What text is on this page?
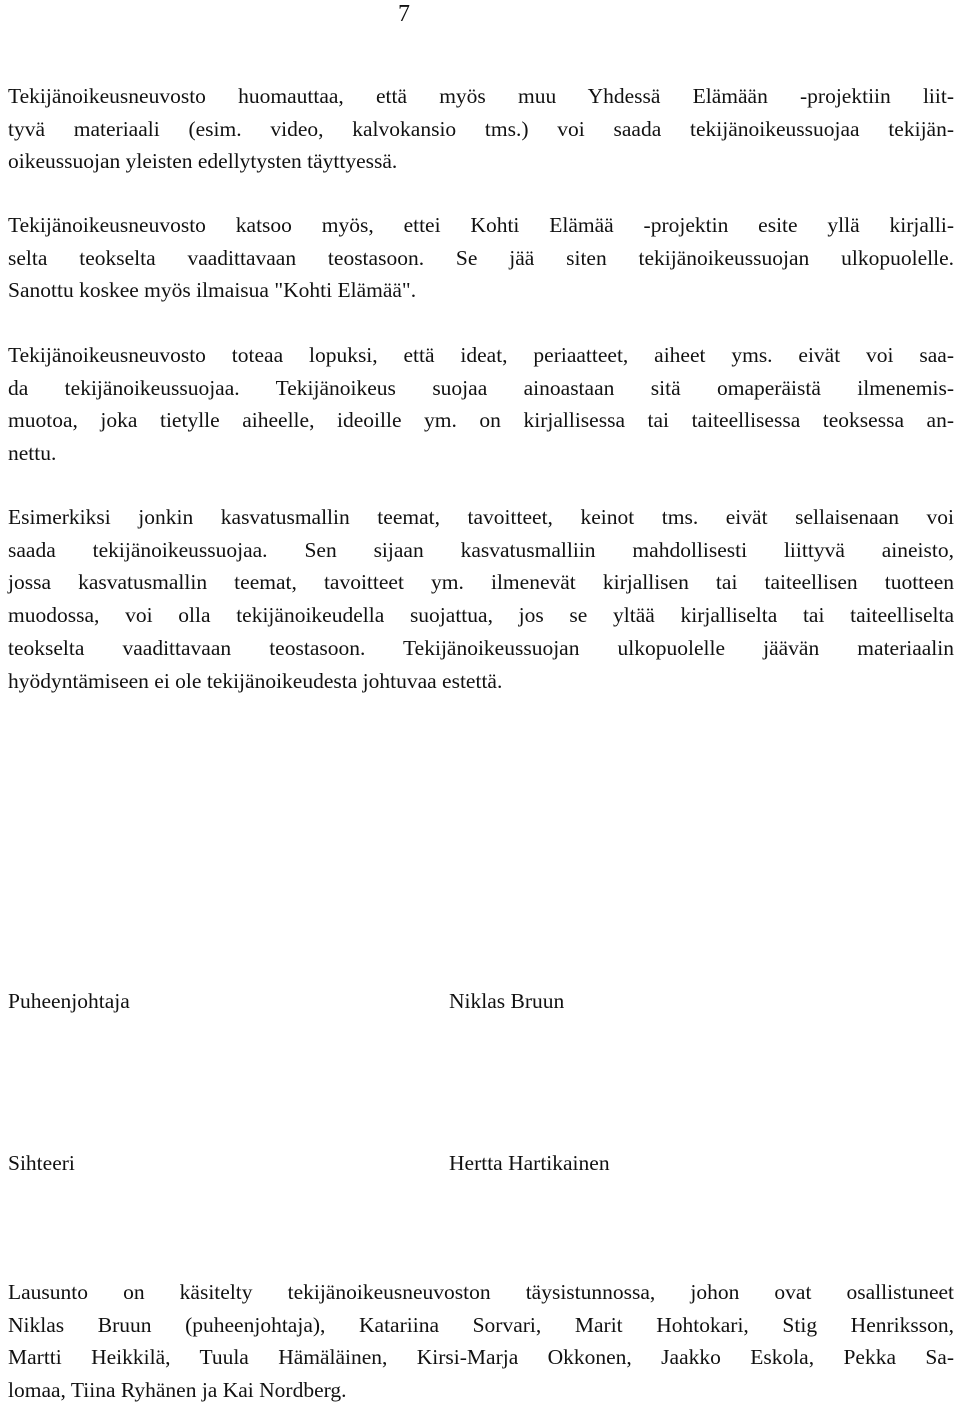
7
Tekijänoikeusneuvosto huomauttaa, että myös muu Yhdessä Elämään -projektiin liit-
tyvä materiaali (esim. video, kalvokansio tms.) voi saada tekijänoikeussuojaa tekijän-
oikeussuojan yleisten edellytysten täyttyessä.
Tekijänoikeusneuvosto katsoo myös, ettei Kohti Elämää -projektin esite yllä kirjalli-
selta teokselta vaadittavaan teostasoon. Se jää siten tekijänoikeussuojan ulkopuolelle.
Sanottu koskee myös ilmaisua "Kohti Elämää".
Tekijänoikeusneuvosto toteaa lopuksi, että ideat, periaatteet, aiheet yms. eivät voi saa-
da tekijänoikeussuojaa. Tekijänoikeus suojaa ainoastaan sitä omaperäistä ilmenemis-
muotoa, joka tietylle aiheelle, ideoille ym. on kirjallisessa tai taiteellisessa teoksessa an-
nettu.
Esimerkiksi jonkin kasvatusmallin teemat, tavoitteet, keinot tms. eivät sellaisenaan voi
saada tekijänoikeussuojaa. Sen sijaan kasvatusmalliin mahdollisesti liittyvä aineisto,
jossa kasvatusmallin teemat, tavoitteet ym. ilmenevät kirjallisen tai taiteellisen tuotteen
muodossa, voi olla tekijänoikeudella suojattua, jos se yltää kirjalliselta tai taiteelliselta
teokselta vaadittavaan teostasoon. Tekijänoikeussuojan ulkopuolelle jäävän materiaalin
hyödyntämiseen ei ole tekijänoikeudesta johtuvaa estettä.
Puheenjohtaja	Niklas Bruun
Sihteeri	Hertta Hartikainen
Lausunto on käsitelty tekijänoikeusneuvoston täysistunnossa, johon ovat osallistuneet
Niklas Bruun (puheenjohtaja), Katariina Sorvari, Marit Hohtokari, Stig Henriksson,
Martti Heikkilä, Tuula Hämäläinen, Kirsi-Marja Okkonen, Jaakko Eskola, Pekka Sa-
lomaa, Tiina Ryhänen ja Kai Nordberg.
